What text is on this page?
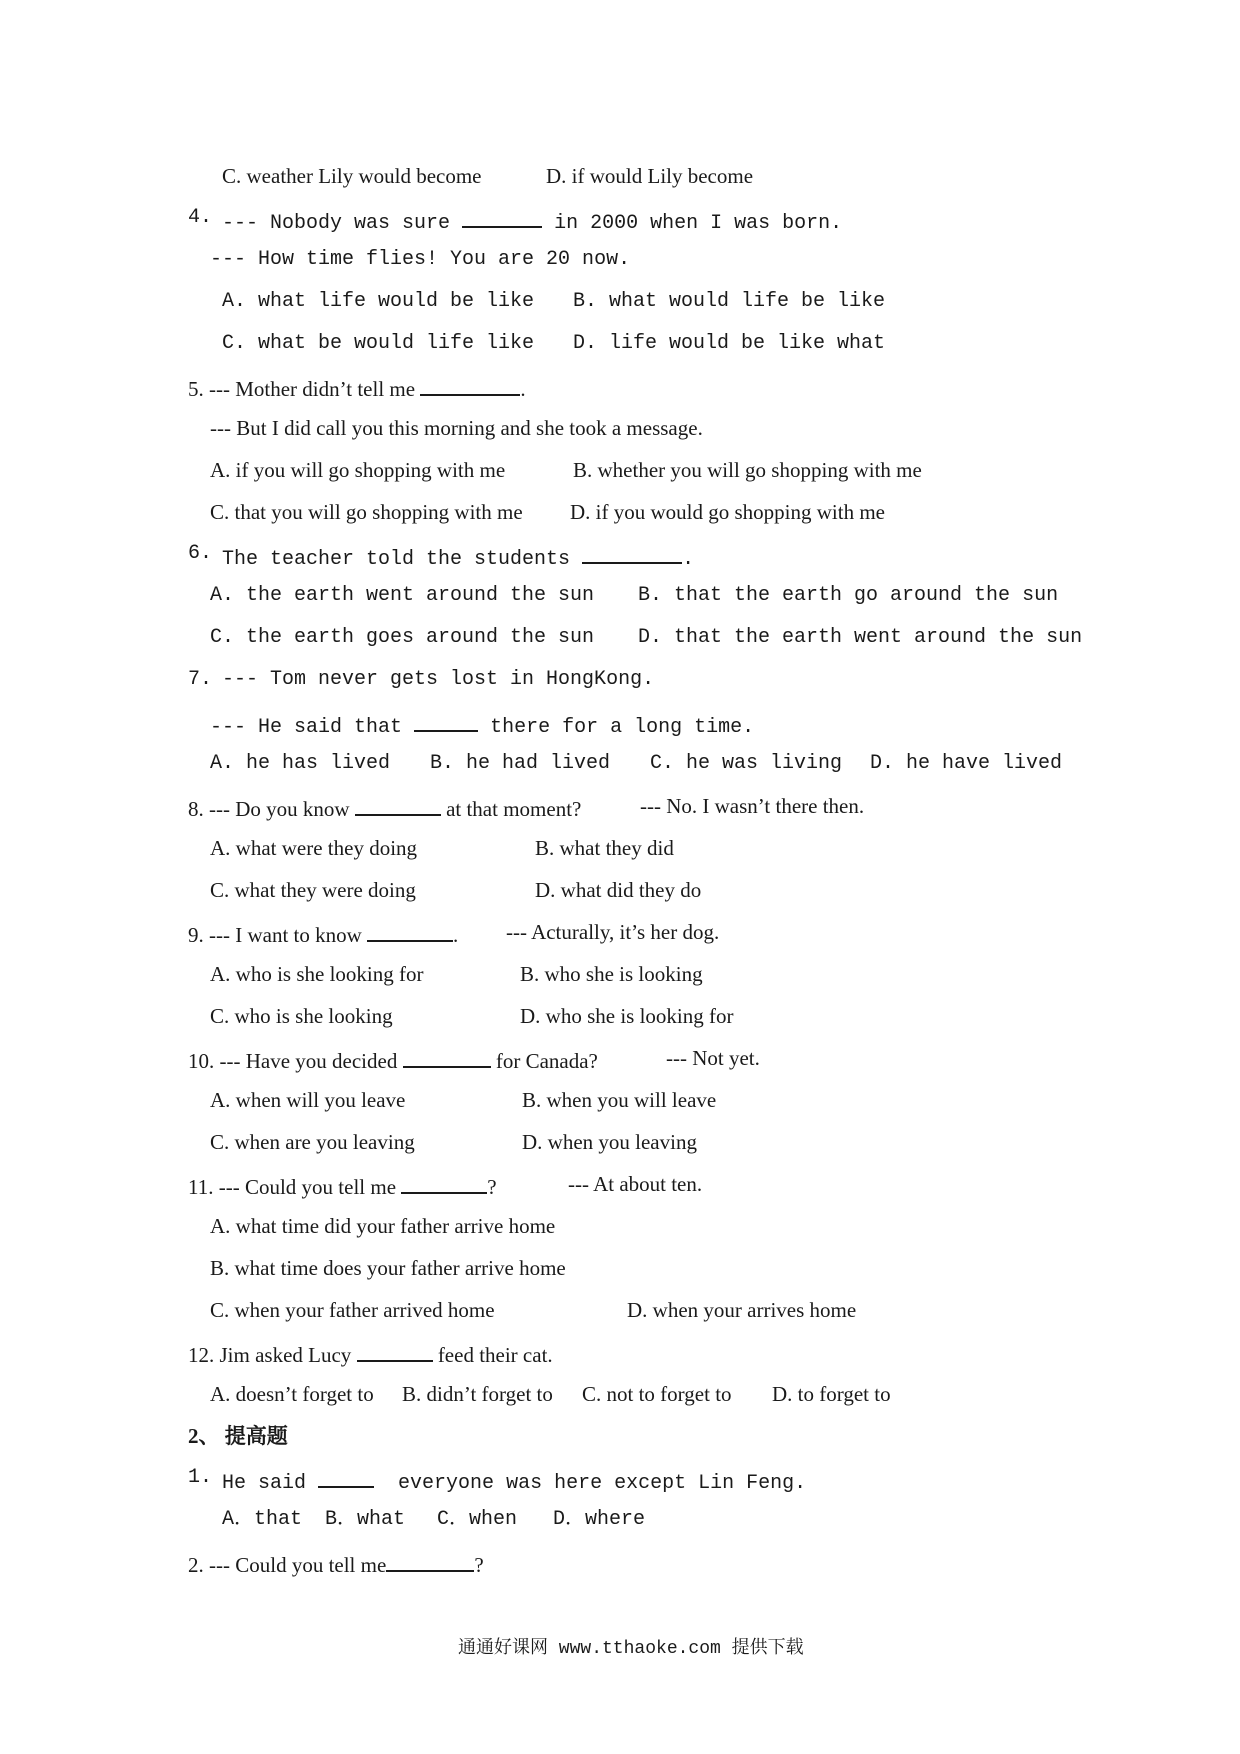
C. weather Lily would become	D. if would Lily become
4. --- Nobody was sure	in 2000 when I was born.
--- How time flies! You are 20 now.
A. what life would be like B. what would life be like
C. what be would life like D. life would be like what
5. --- Mother didn’t tell me	.
--- But I did call you this morning and she took a message.
A. if you will go shopping with me	B. whether you will go shopping with me
C. that you will go shopping with me D. if you would go shopping with me
6. The teacher told the students	.
A. the earth went around the sun B. that the earth go around the sun
C. the earth goes around the sun D. that the earth went around the sun
7. --- Tom never gets lost in HongKong.
--- He said that	there for a long time.
A. he has lived B. he had lived C. he was living D. he have lived
8. --- Do you know	at that moment?	--- No. I wasn’t there then.
A. what were they doing	B. what they did
C. what they were doing	D. what did they do
9. --- I want to know	. --- Acturally, it’s her dog.
A. who is she looking for	B. who she is looking
C. who is she looking	D. who she is looking for
10. --- Have you decided	for Canada?	--- Not yet.
A. when will you leave	B. when you will leave
C. when are you leaving	D. when you leaving
11. --- Could you tell me	?	--- At about ten.
A. what time did your father arrive home
B. what time does your father arrive home
C. when your father arrived home	D. when your arrives home
12. Jim asked Lucy	feed their cat.
A. doesn’t forget to B. didn’t forget to C. not to forget to D. to forget to
2、 提高题
1. He said	everyone was here except Lin Feng.
A．that B．what C．when D．where
2. --- Could you tell me	?
通通好课网 www.tthaoke.com 提供下载
